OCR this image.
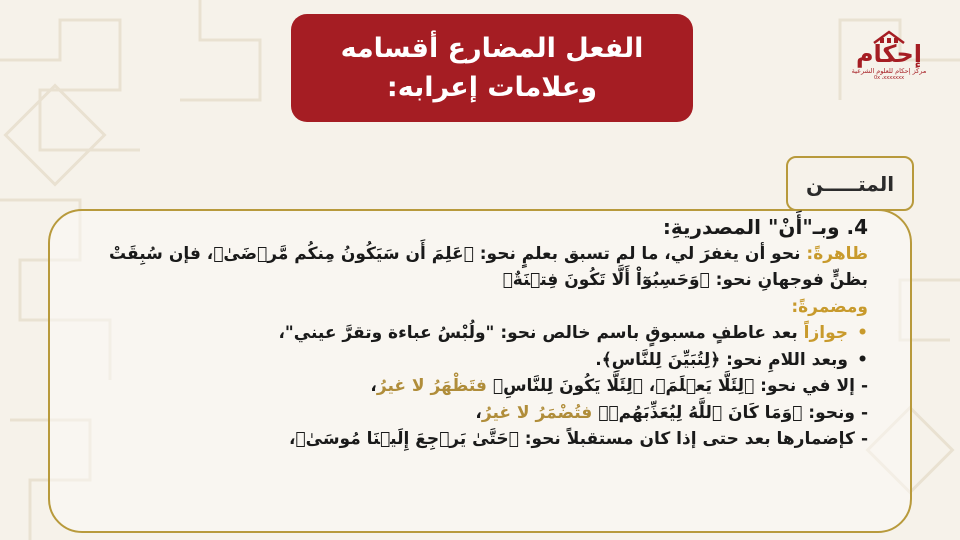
الفعل المضارع أقسامه
وعلامات إعرابه:
إحكام
مركز إحكام للعلوم الشرعية
0x ،xxxxxxx
المتـــــن
4. وبـ"أَنْ" المصدريةِ:
ظاهرةً: نحو أن يغفرَ لي، ما لم تسبق بعلمٍ نحو: ﴿عَلِمَ أَن سَيَكُونُ مِنكُم مَّرۡضَىٰ﴾، فإن سُبِقَتْ
بظنٍّ فوجهانِ نحو: ﴿وَحَسِبُوٓاْ أَلَّا تَكُونَ فِتۡنَةٌ﴾
ومضمرةً:
•
جوازاً بعد عاطفٍ مسبوقٍ باسم خالص نحو: "ولُبْسُ عباءة وتقرَّ عيني"،
•
وبعد اللامِ نحو: ﴿لِتُبَيِّنَ لِلنَّاسِ﴾.
-إلا في نحو: ﴿لِئَلَّا يَعۡلَمَ﴾، ﴿لِئَلَّا يَكُونَ لِلنَّاسِ﴾ فتَظْهَرُ لا غيرُ،
-ونحو: ﴿وَمَا كَانَ ٱللَّهُ لِيُعَذِّبَهُمۡ﴾ فتُضْمَرُ لا غيرُ،
-كإضمارها بعد حتى إذا كان مستقبلاً نحو: ﴿حَتَّىٰ يَرۡجِعَ إِلَيۡنَا مُوسَىٰ﴾،
